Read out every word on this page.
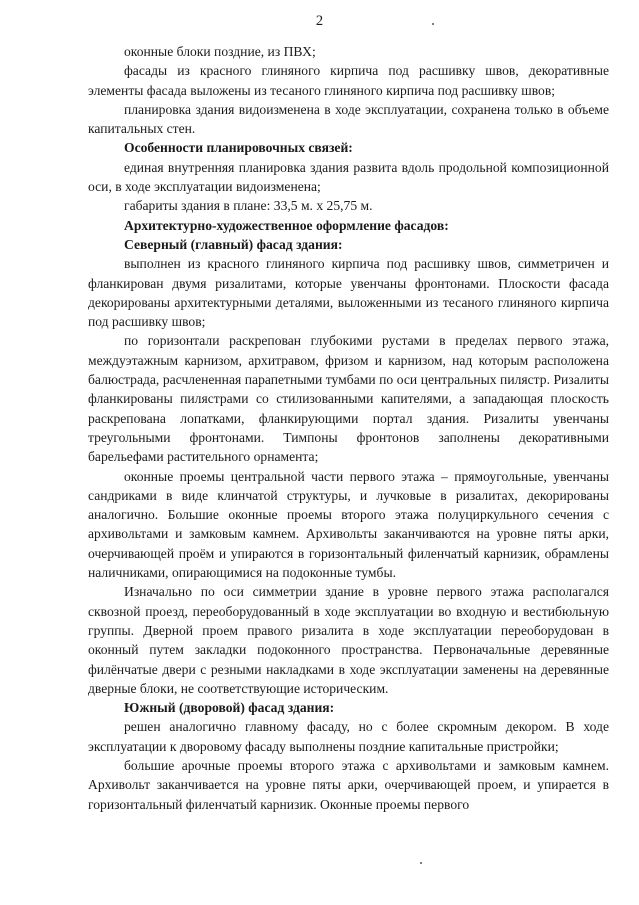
2

оконные блоки поздние, из ПВХ;

фасады из красного глиняного кирпича под расшивку швов, декоративные элементы фасада выложены из тесаного глиняного кирпича под расшивку швов;

планировка здания видоизменена в ходе эксплуатации, сохранена только в объеме капитальных стен.

Особенности планировочных связей:

единая внутренняя планировка здания развита вдоль продольной композиционной оси, в ходе эксплуатации видоизменена;

габариты здания в плане: 33,5 м. х 25,75 м.

Архитектурно-художественное оформление фасадов:

Северный (главный) фасад здания:

выполнен из красного глиняного кирпича под расшивку швов, симметричен и фланкирован двумя ризалитами, которые увенчаны фронтонами. Плоскости фасада декорированы архитектурными деталями, выложенными из тесаного глиняного кирпича под расшивку швов;

по горизонтали раскрепован глубокими рустами в пределах первого этажа, междуэтажным карнизом, архитравом, фризом и карнизом, над которым расположена балюстрада, расчлененная парапетными тумбами по оси центральных пилястр. Ризалиты фланкированы пилястрами со стилизованными капителями, а западающая плоскость раскрепована лопатками, фланкирующими портал здания. Ризалиты увенчаны треугольными фронтонами. Тимпоны фронтонов заполнены декоративными барельефами растительного орнамента;

оконные проемы центральной части первого этажа – прямоугольные, увенчаны сандриками в виде клинчатой структуры, и лучковые в ризалитах, декорированы аналогично. Большие оконные проемы второго этажа полуциркульного сечения с архивольтами и замковым камнем. Архивольты заканчиваются на уровне пяты арки, очерчивающей проём и упираются в горизонтальный филенчатый карнизик, обрамлены наличниками, опирающимися на подоконные тумбы.

Изначально по оси симметрии здание в уровне первого этажа располагался сквозной проезд, переоборудованный в ходе эксплуатации во входную и вестибюльную группы. Дверной проем правого ризалита в ходе эксплуатации переоборудован в оконный путем закладки подоконного пространства. Первоначальные деревянные филёнчатые двери с резными накладками в ходе эксплуатации заменены на деревянные дверные блоки, не соответствующие историческим.

Южный (дворовой) фасад здания:

решен аналогично главному фасаду, но с более скромным декором. В ходе эксплуатации к дворовому фасаду выполнены поздние капитальные пристройки;

большие арочные проемы второго этажа с архивольтами и замковым камнем. Архивольт заканчивается на уровне пяты арки, очерчивающей проем, и упирается в горизонтальный филенчатый карнизик. Оконные проемы первого
